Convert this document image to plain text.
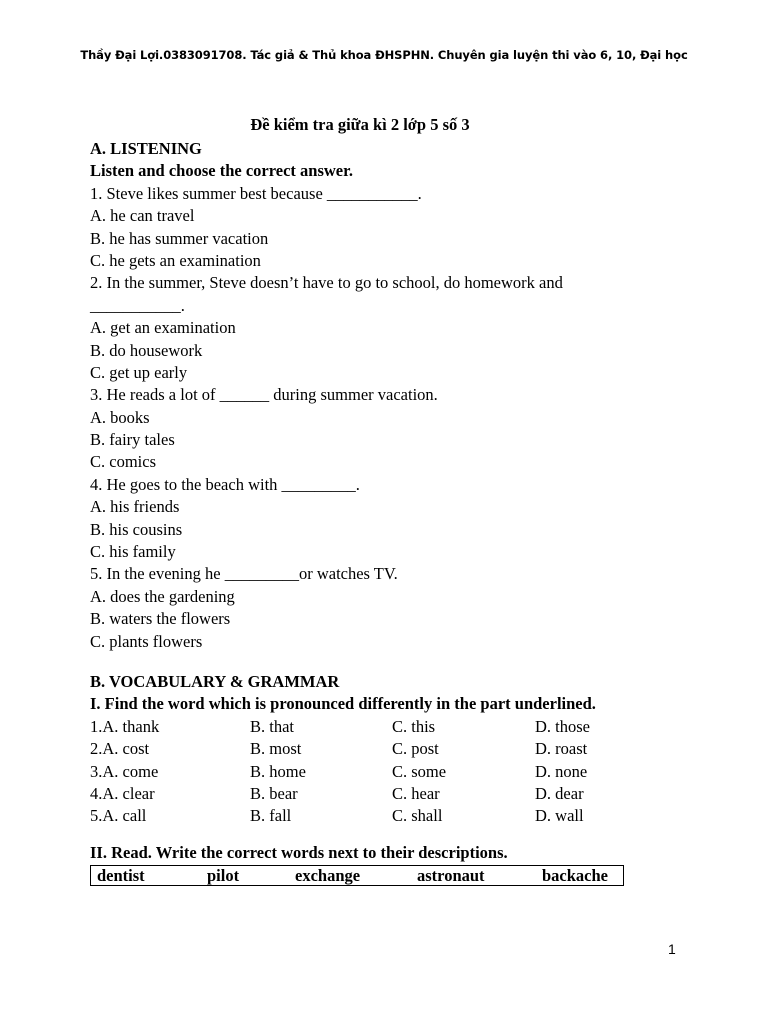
Thầy Đại Lợi.0383091708. Tác giả & Thủ khoa ĐHSPHN. Chuyên gia luyện thi vào 6, 10, Đại học
Đề kiểm tra giữa kì 2 lớp 5 số 3
A. LISTENING
Listen and choose the correct answer.
1. Steve likes summer best because ___________.
A. he can travel
B. he has summer vacation
C. he gets an examination
2. In the summer, Steve doesn’t have to go to school, do homework and
___________.
A. get an examination
B. do housework
C. get up early
3. He reads a lot of ______ during summer vacation.
A. books
B. fairy tales
C. comics
4. He goes to the beach with _________.
A. his friends
B. his cousins
C. his family
5. In the evening he _________or watches TV.
A. does the gardening
B. waters the flowers
C. plants flowers
B. VOCABULARY & GRAMMAR
I. Find the word which is pronounced differently in the part underlined.
1.A. thank	B. that	C. this	D. those
2.A. cost	B. most	C. post	D. roast
3.A. come	B. home	C. some	D. none
4.A. clear	B. bear	C. hear	D. dear
5.A. call	B. fall	C. shall	D. wall
II. Read. Write the correct words next to their descriptions.
dentist	pilot	exchange	astronaut	backache
1
